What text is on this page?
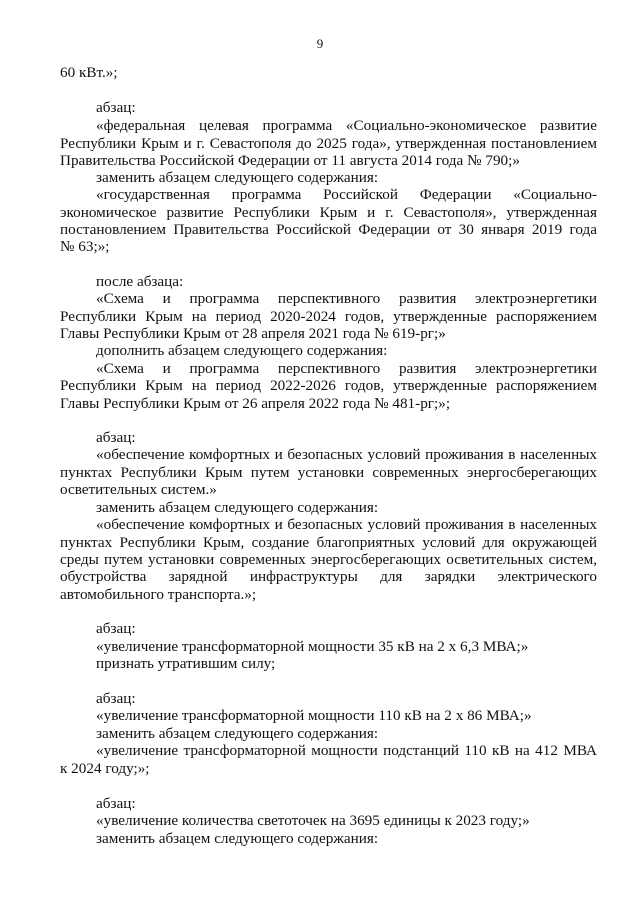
9
60 кВт.»;
абзац:
«федеральная целевая программа «Социально-экономическое развитие
Республики Крым и г. Севастополя до 2025 года», утвержденная постановлением
Правительства Российской Федерации от 11 августа 2014 года № 790;»
заменить абзацем следующего содержания:
«государственная программа Российской Федерации «Социально-
экономическое развитие Республики Крым и г. Севастополя», утвержденная
постановлением Правительства Российской Федерации от 30 января 2019 года
№ 63;»;
после абзаца:
«Схема и программа перспективного развития электроэнергетики
Республики Крым на период 2020-2024 годов, утвержденные распоряжением
Главы Республики Крым от 28 апреля 2021 года № 619-рг;»
дополнить абзацем следующего содержания:
«Схема и программа перспективного развития электроэнергетики
Республики Крым на период 2022-2026 годов, утвержденные распоряжением
Главы Республики Крым от 26 апреля 2022 года № 481-рг;»;
абзац:
«обеспечение комфортных и безопасных условий проживания в населенных
пунктах Республики Крым путем установки современных энергосберегающих
осветительных систем.»
заменить абзацем следующего содержания:
«обеспечение комфортных и безопасных условий проживания в населенных
пунктах Республики Крым, создание благоприятных условий для окружающей
среды путем установки современных энергосберегающих осветительных систем,
обустройства зарядной инфраструктуры для зарядки электрического
автомобильного транспорта.»;
абзац:
«увеличение трансформаторной мощности 35 кВ на 2 х 6,3 МВА;»
признать утратившим силу;
абзац:
«увеличение трансформаторной мощности 110 кВ на 2 х 86 МВА;»
заменить абзацем следующего содержания:
«увеличение трансформаторной мощности подстанций 110 кВ на 412 МВА
к 2024 году;»;
абзац:
«увеличение количества светоточек на 3695 единицы к 2023 году;»
заменить абзацем следующего содержания:
